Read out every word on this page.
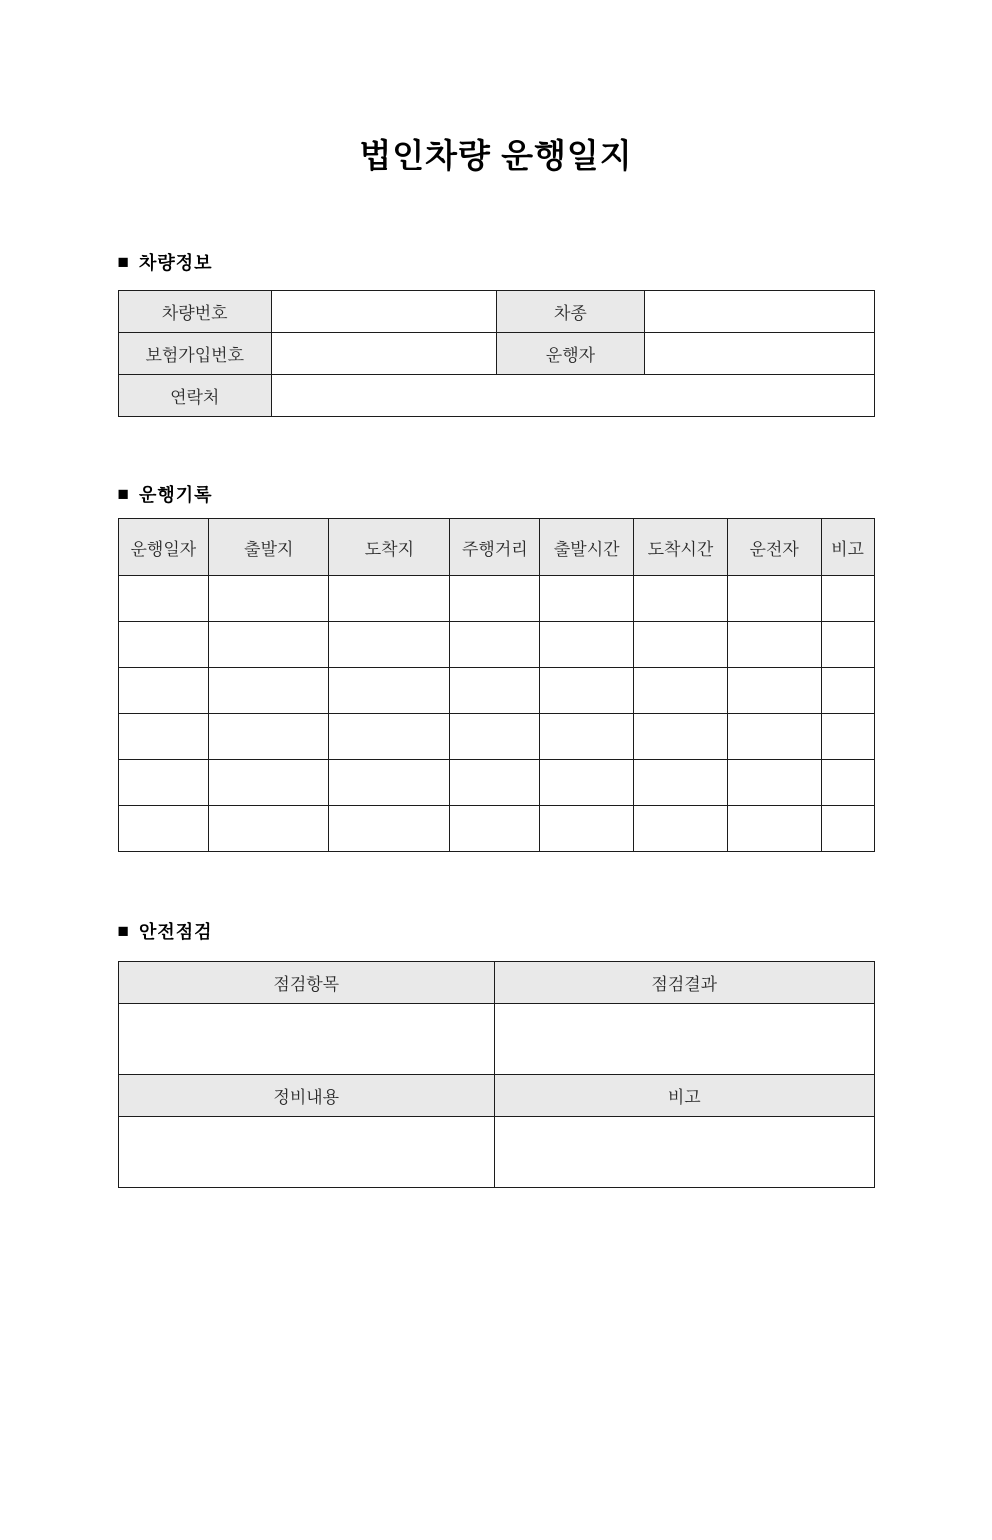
법인차량 운행일지
■ 차량정보
차량번호		차종	
보험가입번호		운행자	
연락처			
■ 운행기록
운행일자	출발지	도착지	주행거리	출발시간	도착시간	운전자	비고

■ 안전점검
점검항목	점검결과

정비내용	비고
